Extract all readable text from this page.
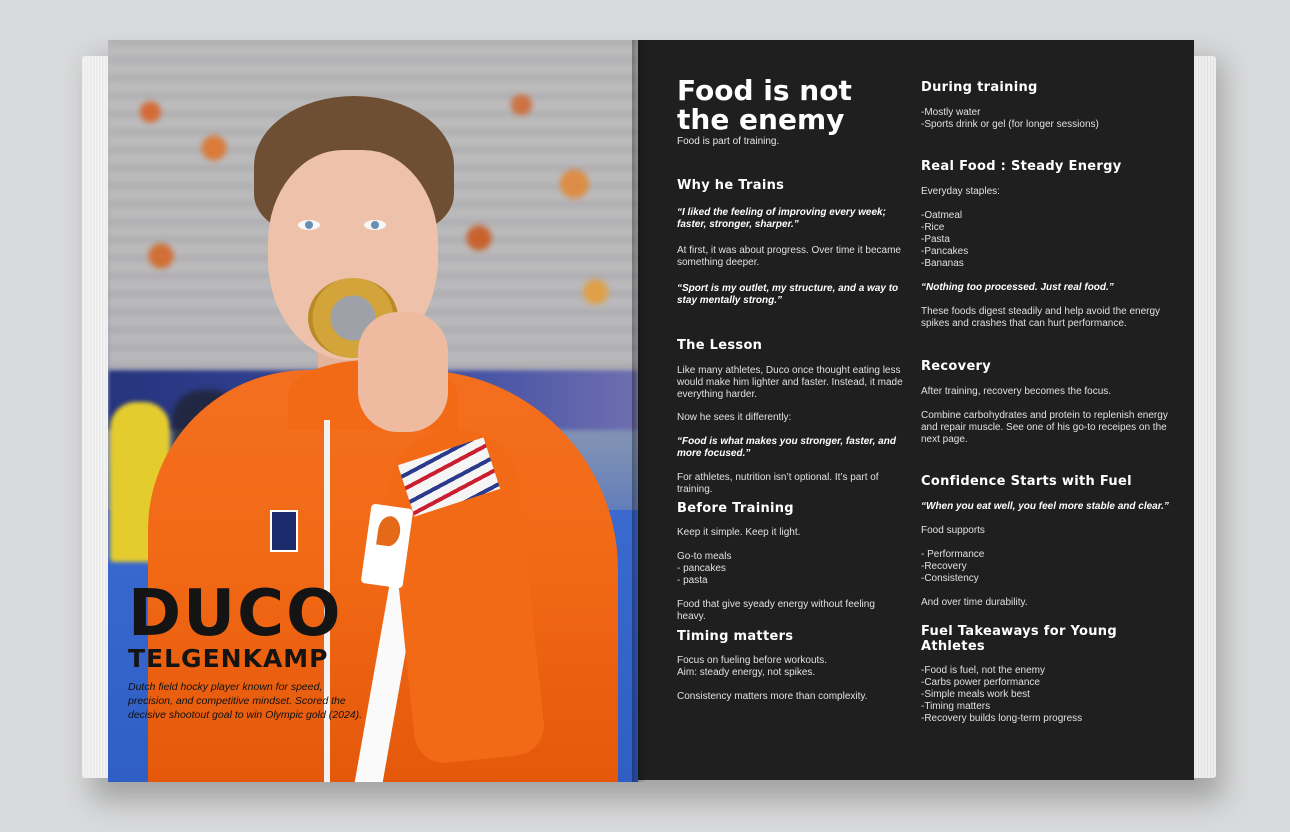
DUCO

TELGENKAMP

Dutch field hocky player known for speed, precision, and competitive mindset. Scored the decisive shootout goal to win Olympic gold (2024).

Food is not

the enemy

Food is part of training.

Why he Trains

“I liked the feeling of improving every week; faster, stronger, sharper.”

At first, it was about progress. Over time it became something deeper.

“Sport is my outlet, my structure, and a way to stay mentally strong.”

The Lesson

Like many athletes, Duco once thought eating less would make him lighter and faster. Instead, it made everything harder.

Now he sees it differently:

“Food is what makes you stronger, faster, and more focused.”

For athletes, nutrition isn’t optional. It’s part of training.

Before Training

Keep it simple. Keep it light.

Go-to meals

- pancakes

- pasta

Food that give syeady energy without feeling heavy.

Timing matters

Focus on fueling before workouts.

Aim: steady energy, not spikes.

Consistency matters more than complexity.

During training

-Mostly water

-Sports drink or gel (for longer sessions)

Real Food : Steady Energy

Everyday staples:

-Oatmeal

-Rice

-Pasta

-Pancakes

-Bananas

“Nothing too processed. Just real food.”

These foods digest steadily and help avoid the energy spikes and crashes that can hurt performance.

Recovery

After training, recovery becomes the focus.

Combine carbohydrates and protein to replenish energy and repair muscle. See one of his go-to receipes on the next page.

Confidence Starts with Fuel

“When you eat well, you feel more stable and clear.”

Food supports

- Performance

-Recovery

-Consistency

And over time durability.

Fuel Takeaways for Young Athletes

-Food is fuel, not the enemy

-Carbs power performance

-Simple meals work best

-Timing matters

-Recovery builds long-term progress
